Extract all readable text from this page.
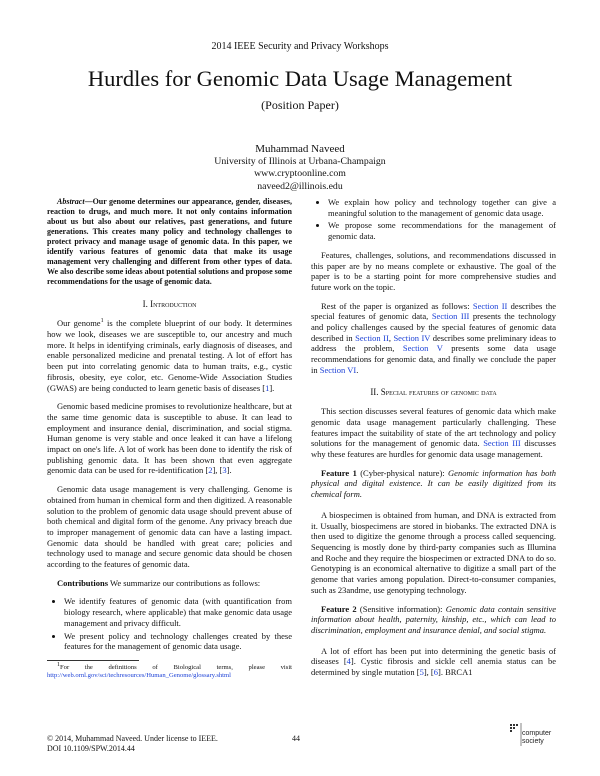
2014 IEEE Security and Privacy Workshops
Hurdles for Genomic Data Usage Management
(Position Paper)
Muhammad Naveed
University of Illinois at Urbana-Champaign
www.cryptoonline.com
naveed2@illinois.edu
Abstract—Our genome determines our appearance, gender, diseases, reaction to drugs, and much more. It not only contains information about us but also about our relatives, past generations, and future generations. This creates many policy and technology challenges to protect privacy and manage usage of genomic data. In this paper, we identify various features of genomic data that make its usage management very challenging and different from other types of data. We also describe some ideas about potential solutions and propose some recommendations for the usage of genomic data.
I. Introduction

Our genome$^1$ is the complete blueprint of our body. It determines how we look, diseases we are susceptible to, our ancestry and much more. It helps in identifying criminals, early diagnosis of diseases, and enable personalized medicine and prenatal testing. A lot of effort has been put into correlating genomic data to human traits, e.g., cystic fibrosis, obesity, eye color, etc. Genome-Wide Association Studies (GWAS) are being conducted to learn genetic basis of diseases [1].

Genomic based medicine promises to revolutionize healthcare, but at the same time genomic data is susceptible to abuse. It can lead to employment and insurance denial, discrimination, and social stigma. Human genome is very stable and once leaked it can have a lifelong impact on one's life. A lot of work has been done to identify the risk of publishing genomic data. It has been shown that even aggregate genomic data can be used for re-identification [2], [3].

Genomic data usage management is very challenging. Genome is obtained from human in chemical form and then digitized. A reasonable solution to the problem of genomic data usage should prevent abuse of both chemical and digital form of the genome. Any privacy breach due to improper management of genomic data can have a lasting impact. Genomic data should be handled with great care; policies and technology used to manage and secure genomic data should be chosen according to the features of genomic data.

Contributions We summarize our contributions as follows:

• We identify features of genomic data (with quantification from biology research, where applicable) that make genomic data usage management and privacy difficult.
• We present policy and technology challenges created by these features for the management of genomic data usage.
$^1$For the definitions of Biological terms, please visit http://web.ornl.gov/sci/techresources/Human_Genome/glossary.shtml
• We explain how policy and technology together can give a meaningful solution to the management of genomic data usage.
• We propose some recommendations for the management of genomic data.

Features, challenges, solutions, and recommendations discussed in this paper are by no means complete or exhaustive. The goal of the paper is to be a starting point for more comprehensive studies and future work on the topic.

Rest of the paper is organized as follows: Section II describes the special features of genomic data, Section III presents the technology and policy challenges caused by the special features of genomic data described in Section II, Section IV describes some preliminary ideas to address the problem, Section V presents some data usage recommendations for genomic data, and finally we conclude the paper in Section VI.

II. Special features of genomic data

This section discusses several features of genomic data which make genomic data usage management particularly challenging. These features impact the suitability of state of the art technology and policy solutions for the management of genomic data. Section III discusses why these features are hurdles for genomic data usage management.

Feature 1 (Cyber-physical nature): Genomic information has both physical and digital existence. It can be easily digitized from its chemical form.

A biospecimen is obtained from human, and DNA is extracted from it. Usually, biospecimens are stored in biobanks. The extracted DNA is then used to digitize the genome through a process called sequencing. Sequencing is mostly done by third-party companies such as Illumina and Roche and they require the biospecimen or extracted DNA to do so. Genotyping is an economical alternative to digitize a small part of the genome that varies among population. Direct-to-consumer companies, such as 23andme, use genotyping technology.

Feature 2 (Sensitive information): Genomic data contain sensitive information about health, paternity, kinship, etc., which can lead to discrimination, employment and insurance denial, and social stigma.

A lot of effort has been put into determining the genetic basis of diseases [4]. Cystic fibrosis and sickle cell anemia status can be determined by single mutation [5], [6]. BRCA1

© 2014, Muhammad Naveed. Under license to IEEE.
DOI 10.1109/SPW.2014.44
44
computer
society
